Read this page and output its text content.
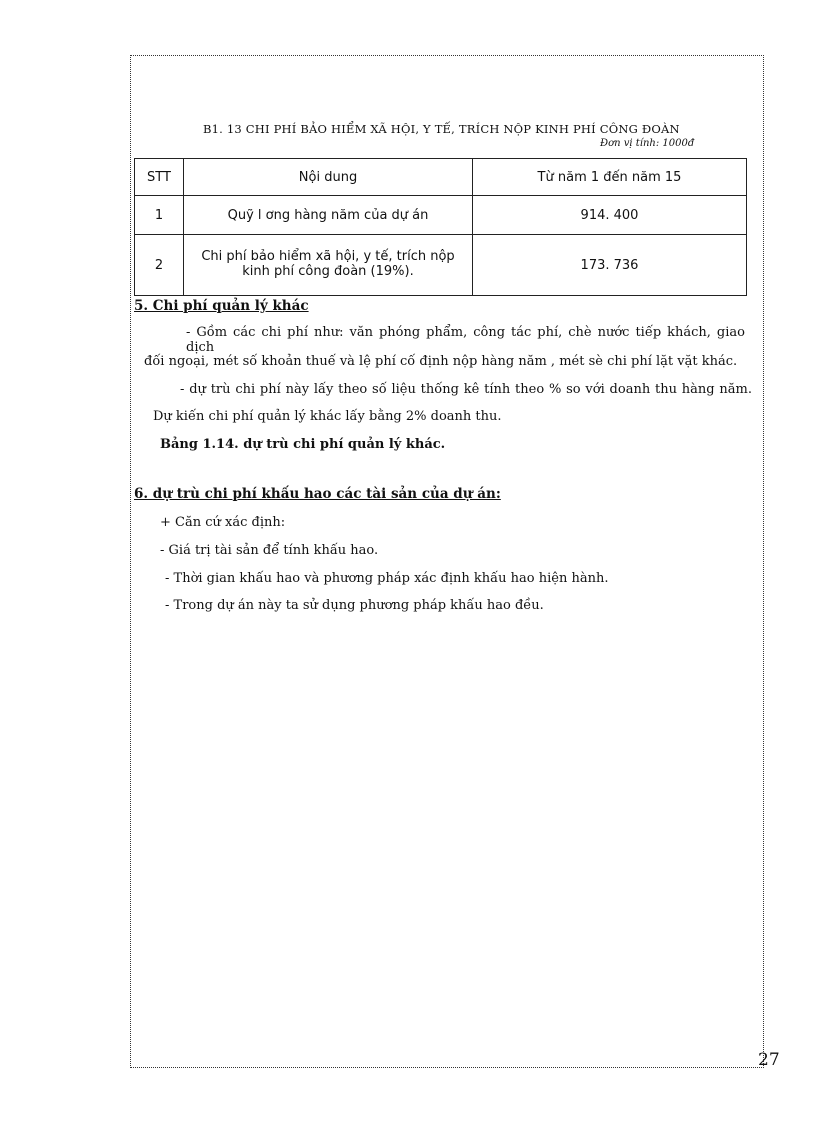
B1. 13 CHI PHÍ BẢO HIỂM XÃ HỘI, Y TẾ, TRÍCH NỘP KINH PHÍ CÔNG ĐOÀN
Đơn vị tính: 1000đ
STT	Nội dung	Từ năm 1 đến năm 15
1	Quỹ l ơng hàng năm của dự án	914. 400
2	Chi phí bảo hiểm xã hội, y tế, trích nộp kinh phí công đoàn (19%).	173. 736
5. Chi phí quản lý khác
- Gồm các chi phí như: văn phóng phẩm, công tác phí, chè nước tiếp khách, giao dịch
đối ngoại, mét số khoản thuế và lệ phí cố định nộp hàng năm , mét sè chi phí lặt vặt khác.
- dự trù chi phí này lấy theo số liệu thống kê tính theo % so với doanh thu hàng năm.
Dự kiến chi phí quản lý khác lấy bằng 2% doanh thu.
Bảng 1.14. dự trù chi phí quản lý khác.
6. dự trù chi phí khấu hao các tài sản của dự án:
+ Căn cứ xác định:
- Giá trị tài sản để tính khấu hao.
- Thời gian khấu hao và phương pháp xác định khấu hao hiện hành.
- Trong dự án này ta sử dụng phương pháp khấu hao đều.
27
